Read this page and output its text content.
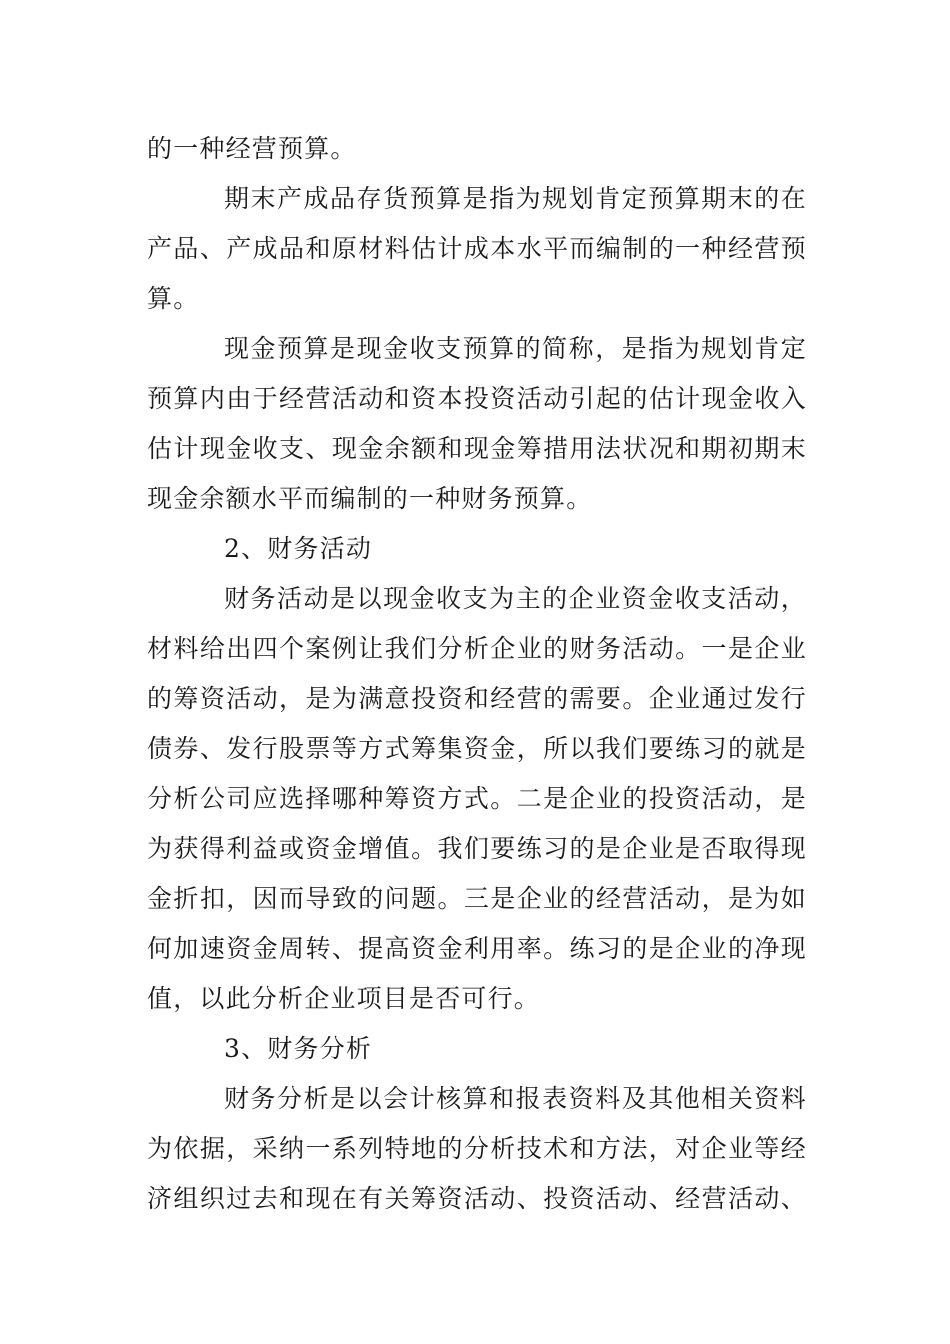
的一种经营预算。
期末产成品存货预算是指为规划肯定预算期末的在
产品、产成品和原材料估计成本水平而编制的一种经营预
算。
现金预算是现金收支预算的简称，是指为规划肯定
预算内由于经营活动和资本投资活动引起的估计现金收入
估计现金收支、现金余额和现金筹措用法状况和期初期末
现金余额水平而编制的一种财务预算。
2、财务活动
财务活动是以现金收支为主的企业资金收支活动，
材料给出四个案例让我们分析企业的财务活动。一是企业
的筹资活动，是为满意投资和经营的需要。企业通过发行
债券、发行股票等方式筹集资金，所以我们要练习的就是
分析公司应选择哪种筹资方式。二是企业的投资活动，是
为获得利益或资金增值。我们要练习的是企业是否取得现
金折扣，因而导致的问题。三是企业的经营活动，是为如
何加速资金周转、提高资金利用率。练习的是企业的净现
值，以此分析企业项目是否可行。
3、财务分析
财务分析是以会计核算和报表资料及其他相关资料
为依据，采纳一系列特地的分析技术和方法，对企业等经
济组织过去和现在有关筹资活动、投资活动、经营活动、
